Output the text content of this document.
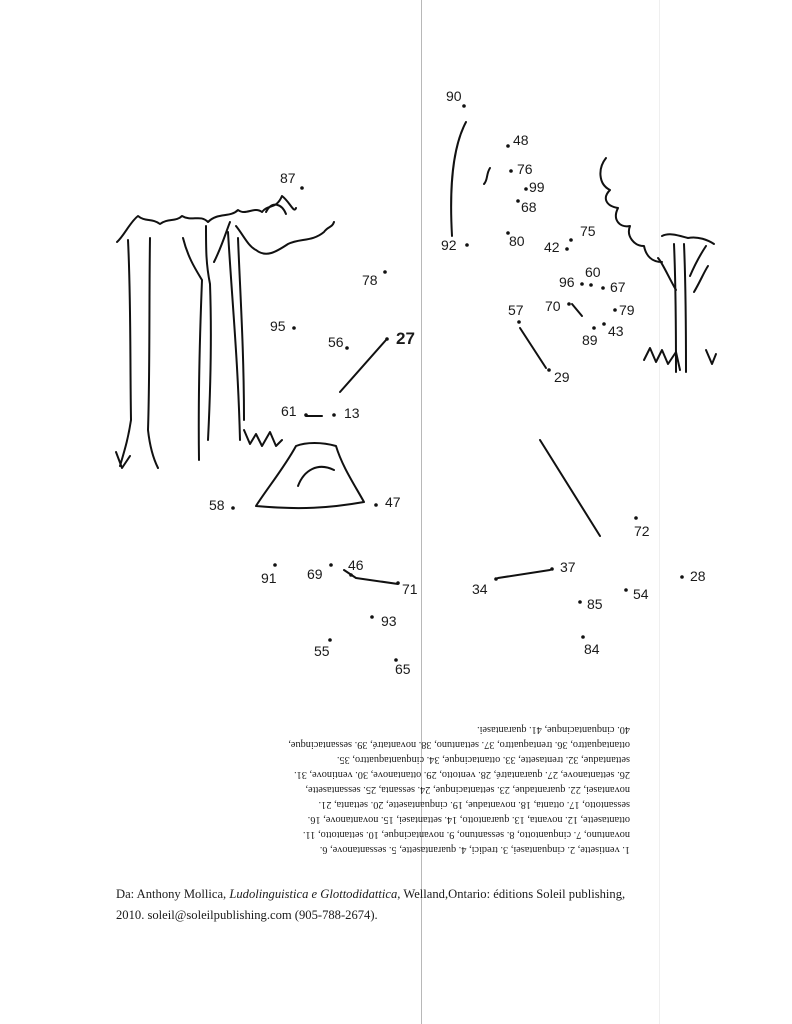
90
48
76
99
68
87
92	80 42
75
78	96
60
67
57 70	79
95
56	27	89
43
29
61	13
58	47
72
91 69
46
71	34
37
28
85
54
93
55	84
65

1. ventisette, 2. cinquantasei, 3. tredici, 4. quarantasette, 5. sessantanove, 6.

novantuno, 7. cinquantotto, 8. sessantuno, 9. novantacinque, 10. settantotto, 11.

ottantasette, 12. novanta, 13. quarantotto, 14. settantasei, 15. novantanove, 16.

sessantotto, 17. ottanta, 18. novantadue, 19. cinquantasette, 20. settanta, 21.

novantasei, 22. quarantadue, 23. settantacinque, 24. sessanta, 25. sessantasette,

26. settantanove, 27. quarantatré, 28. ventotto, 29. ottantanove, 30. ventinove, 31.

settantadue, 32. trentasette, 33. ottantacinque, 34. cinquantaquattro, 35.

ottantaquattro, 36. trentaquattro, 37. settantuno, 38. novantatré, 39. sessantacinque,

40. cinquantacinque, 41. quarantasei.

Da: Anthony Mollica, Ludolinguistica e Glottodidattica, Welland,Ontario: éditions Soleil publishing,

2010. soleil@soleilpublishing.com (905-788-2674).
